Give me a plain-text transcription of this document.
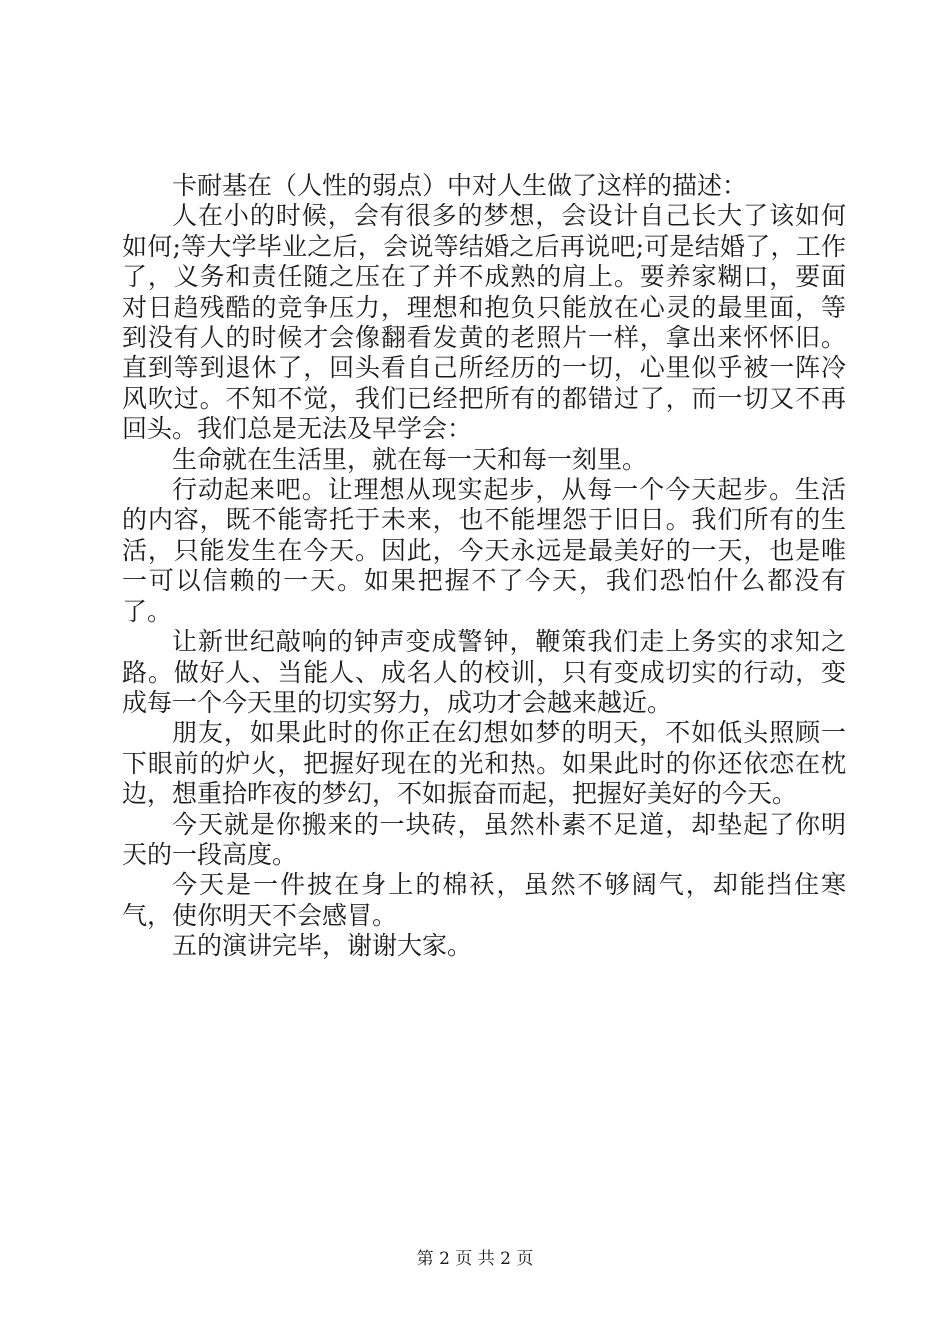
卡耐基在（人性的弱点）中对人生做了这样的描述：

人在小的时候，会有很多的梦想，会设计自己长大了该如何如何;等大学毕业之后，会说等结婚之后再说吧;可是结婚了，工作了，义务和责任随之压在了并不成熟的肩上。要养家糊口，要面对日趋残酷的竞争压力，理想和抱负只能放在心灵的最里面，等到没有人的时候才会像翻看发黄的老照片一样，拿出来怀怀旧。直到等到退休了，回头看自己所经历的一切，心里似乎被一阵冷风吹过。不知不觉，我们已经把所有的都错过了，而一切又不再回头。我们总是无法及早学会：

生命就在生活里，就在每一天和每一刻里。

行动起来吧。让理想从现实起步，从每一个今天起步。生活的内容，既不能寄托于未来，也不能埋怨于旧日。我们所有的生活，只能发生在今天。因此，今天永远是最美好的一天，也是唯一可以信赖的一天。如果把握不了今天，我们恐怕什么都没有了。

让新世纪敲响的钟声变成警钟，鞭策我们走上务实的求知之路。做好人、当能人、成名人的校训，只有变成切实的行动，变成每一个今天里的切实努力，成功才会越来越近。

朋友，如果此时的你正在幻想如梦的明天，不如低头照顾一下眼前的炉火，把握好现在的光和热。如果此时的你还依恋在枕边，想重拾昨夜的梦幻，不如振奋而起，把握好美好的今天。

今天就是你搬来的一块砖，虽然朴素不足道，却垫起了你明天的一段高度。

今天是一件披在身上的棉袄，虽然不够阔气，却能挡住寒气，使你明天不会感冒。

五的演讲完毕，谢谢大家。

第 2 页 共 2 页
